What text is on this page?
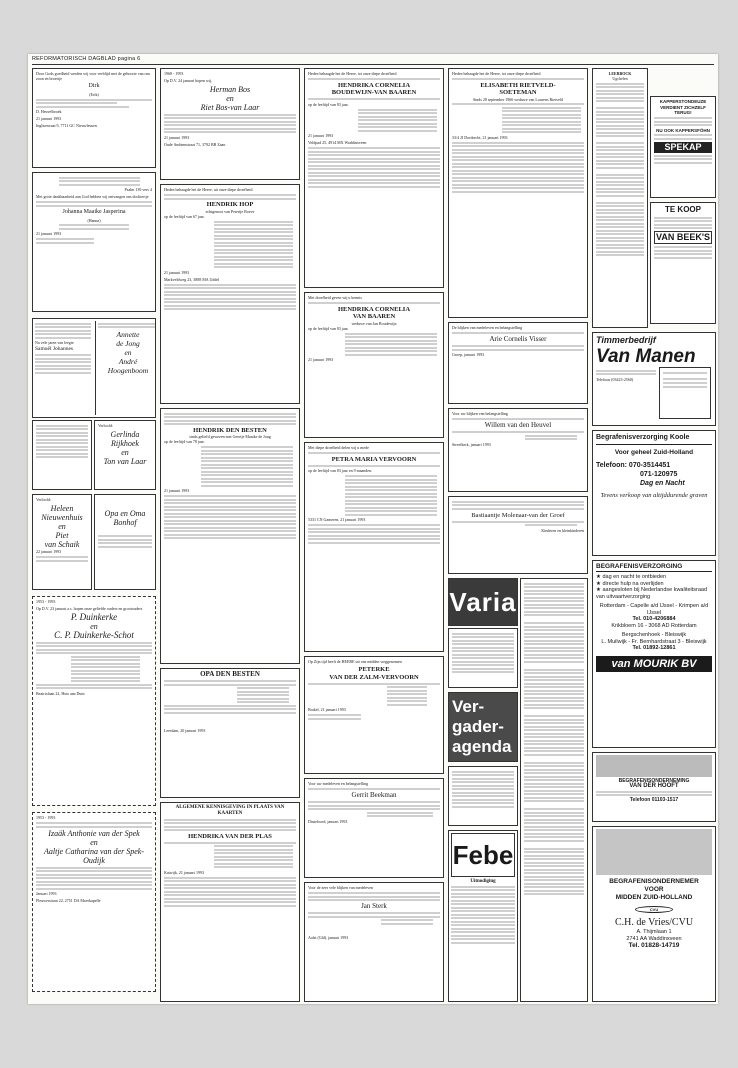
REFORMATORISCH DAGBLAD pagina 6

Door Gods goedheid werden wij voor verblijd met de geboorte van ons zoon en broertje

Dirk
(Erik)

D. Heuvelbroek

21 januari 1993

Inglisestraat 9, 7711 GC Nieuwleusen

Psalm 139 vers 4

Met grote dankbaarheid aan God hebben wij ontvangen ons dochtertje

Johanna Maaike Jasperina
(Hanna)

21 januari 1993

Na vele jaren van leegte

Samuël Johannes
Annette
de Jong
en
André
Hoogenboom

Verloofd:

Gerlinda
Rijkhoek
en
Ton van Laar

Verloofd:

Heleen
Nieuwenhuis
en
Piet
van Schaik

22 januari 1993

Opa en Oma Bonhof

1953 - 1993

Op D.V. 23 januari a.s. hopen onze geliefde ouders en grootouders

P. Duinkerke
en
C. P. Duinkerke-Schot

Beatrixlaan 22, Huis aan Duin

1953 - 1993

Izaäk Anthonie van der Spek
en
Aaltje Catharina van der Spek-Oudijk

Januari 1993

Fleuwerstraat 22, 2751 DA Moerkapelle

1968 - 1993

Op D.V. 24 januari hopen wij,

Herman Bos
en
Riet Bos-van Laar

21 januari 1993

Oude Ambtenstraat 71, 3792 BB Zaan

Heden behaagde het de Heere, uit onze diepe droefheid

HENDRIK HOP
echtgenoot van Petertje Boeve

op de leeftijd van 67 jaar.

21 januari 1993

Markveldweg 23, 3888 MA Uddel

HENDRIK DEN BESTEN
sinds geliefd gewezen met Geertje Maaike de Jong

op de leeftijd van 78 jaar.

21 januari 1993

OPA DEN BESTEN

Leerdam, 20 januari 1993

ALGEMENE KENNISGEVING IN PLAATS VAN KAARTEN
HENDRIKA VAN DER PLAS

Katwijk, 21 januari 1993

Heden behaagde het de Heere, tot onze diepe droefheid

HENDRIKA CORNELIA
BOUDEWIJN-VAN BAAREN

op de leeftijd van 83 jaar.

21 januari 1993

Veldpad 25, 4914 MX Waddinxveen

Met droefheid geven wij u kennis

HENDRIKA CORNELIA
VAN BAAREN
weduwe van Jan Boudewijn

op de leeftijd van 83 jaar.

21 januari 1993

Met diepe droefheid delen wij u mede

PETRA MARIA VERVOORN

op de leeftijd van 83 jaar en 9 maanden.

5331 CN Gameren, 21 januari 1993

Op Zijn tijd heeft de HEERE uit ons midden weggenomen

PETERKE
VAN DER ZALM-VERVOORN

Brakel, 21 januari 1993

Voor uw medeleven en belangstelling

Gerrit Beekman

Dinteloord, januari 1993

Voor de zeer vele blijken van medeleven

Jan Sterk

Aalst (Gld), januari 1993

Heden behaagde het de Heere, tot onze diepe droefheid

ELISABETH RIETVELD-
SOETEMAN
Sinds 28 september 1966 weduwe van Lourens Rietveld

33/4 JJ Dordrecht, 21 januari 1993

De blijken van medeleven en belangstelling

Arie Cornelis Visser

Groep, januari 1993

Voor uw blijken van belangstelling

Willem van den Heuvel

Streefkerk, januari 1993

Bastiaantje Molenaar-van der Groef

Kinderen en kleinkinderen

Varia
Ver-gader-agenda
Febe
Uitnodiging
LEERBOCK
Ugchelen
KAPPERSTONDEUZE VERDIENT ZICHZELF TERUG!
NU OOK KAPPERSFÖHN
SPEKAP
TE KOOP
VAN BEEK'S
Timmerbedrijf
Van Manen
Telefoon (03423-2560)
Begrafenisverzorging Koole
Voor geheel Zuid-Holland
Telefoon: 070-3514451
071-120975
Dag en Nacht
Tevens verkoop van altijddurende graven
BEGRAFENISVERZORGING
★ dag en nacht te ontbieden
★ directe hulp na overlijden
★ aangesloten bij Nederlandse kwaliteitsraad van uitvaartverzorging
Rotterdam - Capelle a/d IJssel - Krimpen a/d IJssel
Tel. 010-4206884
Krikbloem 16 - 3068 AD Rotterdam
Bergschenhoek - Bleiswijk
L. Muilwijk - Fr. Bernhardstraat 3 - Bleiswijk
Tel. 01892-12861
van MOURIK BV
BEGRAFENISONDERNEMING
VAN DER HOOFT
Telefoon 01103-1517
BEGRAFENISONDERNEMER
VOOR
MIDDEN ZUID-HOLLAND
CVU
C.H. de Vries/CVU
A. Thijmlaan 1
2741 AA Waddinxveen
Tel. 01828-14719
